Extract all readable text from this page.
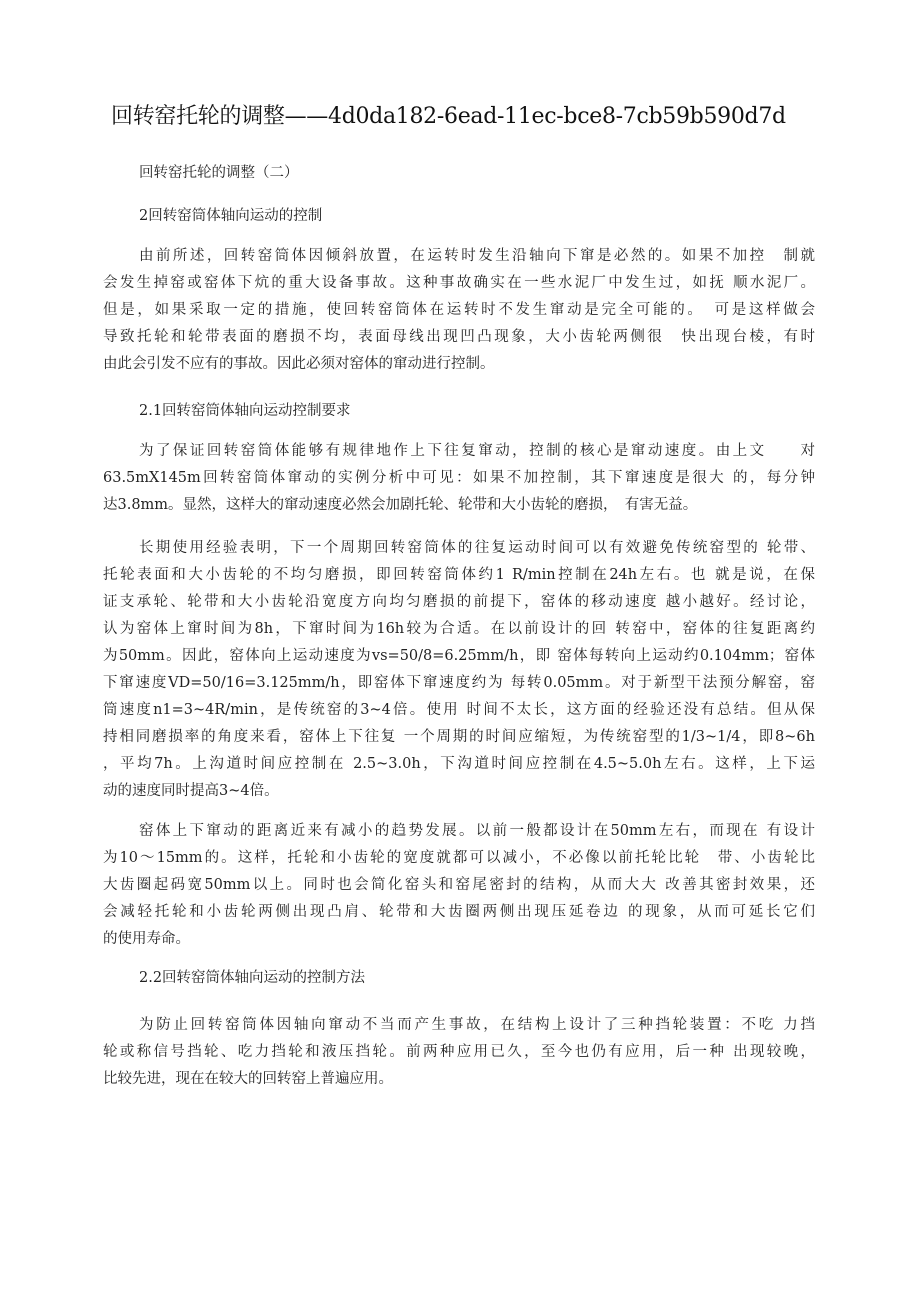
回转窑托轮的调整——4d0da182-6ead-11ec-bce8-7cb59b590d7d
回转窑托轮的调整（二）
2回转窑筒体轴向运动的控制
由前所述，回转窑筒体因倾斜放置，在运转时发生沿轴向下窜是必然的。如果不加控　制就
会发生掉窑或窑体下炕的重大设备事故。这种事故确实在一些水泥厂中发生过，如抚 顺水泥厂。
但是，如果采取一定的措施，使回转窑筒体在运转时不发生窜动是完全可能的。　可是这样做会
导致托轮和轮带表面的磨损不均，表面母线出现凹凸现象，大小齿轮两侧很　快出现台棱，有时
由此会引发不应有的事故。因此必须对窑体的窜动进行控制。
2.1回转窑筒体轴向运动控制要求
为了保证回转窑筒体能够有规律地作上下往复窜动，控制的核心是窜动速度。由上文　　对
63.5mX145m回转窑筒体窜动的实例分析中可见：如果不加控制，其下窜速度是很大 的，每分钟
达3.8mm。显然，这样大的窜动速度必然会加剧托轮、轮带和大小齿轮的磨损，　有害无益。
长期使用经验表明，下一个周期回转窑筒体的往复运动时间可以有效避免传统窑型的 轮带、
托轮表面和大小齿轮的不均匀磨损，即回转窑筒体约1 R/min控制在24h左右。也 就是说，在保
证支承轮、轮带和大小齿轮沿宽度方向均匀磨损的前提下，窑体的移动速度 越小越好。经讨论，
认为窑体上窜时间为8h，下窜时间为16h较为合适。在以前设计的回 转窑中，窑体的往复距离约
为50mm。因此，窑体向上运动速度为vs=50/8=6.25mm/h，即 窑体每转向上运动约0.104mm；窑体
下窜速度VD=50/16=3.125mm/h，即窑体下窜速度约为 每转0.05mm。对于新型干法预分解窑，窑
筒速度n1=3~4R/min，是传统窑的3~4倍。使用 时间不太长，这方面的经验还没有总结。但从保
持相同磨损率的角度来看，窑体上下往复 一个周期的时间应缩短，为传统窑型的1/3~1/4，即8~6h
，平均7h。上沟道时间应控制在 2.5~3.0h，下沟道时间应控制在4.5~5.0h左右。这样，上下运
动的速度同时提高3~4倍。
窑体上下窜动的距离近来有减小的趋势发展。以前一般都设计在50mm左右，而现在 有设计
为10～15mm的。这样，托轮和小齿轮的宽度就都可以减小，不必像以前托轮比轮　带、小齿轮比
大齿圈起码宽50mm以上。同时也会简化窑头和窑尾密封的结构，从而大大 改善其密封效果，还
会减轻托轮和小齿轮两侧出现凸肩、轮带和大齿圈两侧出现压延卷边 的现象，从而可延长它们
的使用寿命。
2.2回转窑筒体轴向运动的控制方法
为防止回转窑筒体因轴向窜动不当而产生事故，在结构上设计了三种挡轮装置：不吃 力挡
轮或称信号挡轮、吃力挡轮和液压挡轮。前两种应用已久，至今也仍有应用，后一种 出现较晚，
比较先进，现在在较大的回转窑上普遍应用。
